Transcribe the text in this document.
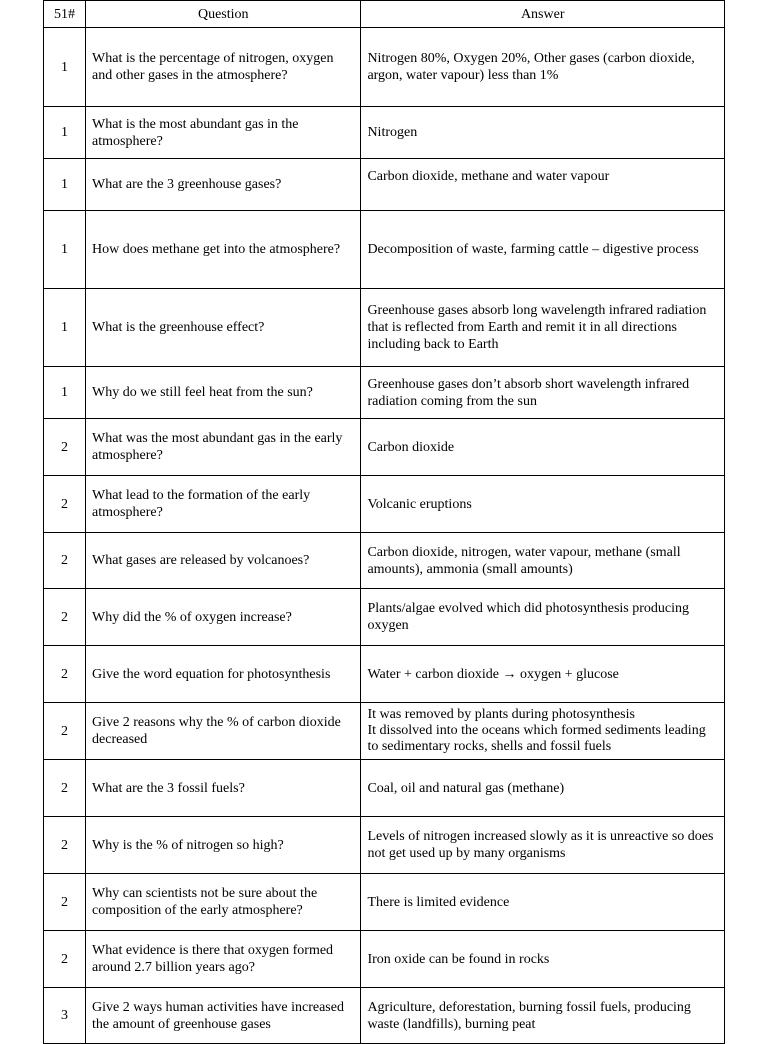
51#	Question	Answer
1	What is the percentage of nitrogen, oxygen and other gases in the atmosphere?	Nitrogen 80%, Oxygen 20%, Other gases (carbon dioxide, argon, water vapour) less than 1%
1	What is the most abundant gas in the atmosphere?	Nitrogen
1	What are the 3 greenhouse gases?	Carbon dioxide, methane and water vapour
1	How does methane get into the atmosphere?	Decomposition of waste, farming cattle – digestive process
1	What is the greenhouse effect?	Greenhouse gases absorb long wavelength infrared radiation that is reflected from Earth and remit it in all directions including back to Earth
1	Why do we still feel heat from the sun?	Greenhouse gases don’t absorb short wavelength infrared radiation coming from the sun
2	What was the most abundant gas in the early atmosphere?	Carbon dioxide
2	What lead to the formation of the early atmosphere?	Volcanic eruptions
2	What gases are released by volcanoes?	Carbon dioxide, nitrogen, water vapour, methane (small amounts), ammonia (small amounts)
2	Why did the % of oxygen increase?	Plants/algae evolved which did photosynthesis producing oxygen
2	Give the word equation for photosynthesis	Water + carbon dioxide → oxygen + glucose
2	Give 2 reasons why the % of carbon dioxide decreased	It was removed by plants during photosynthesis
It dissolved into the oceans which formed sediments leading to sedimentary rocks, shells and fossil fuels
2	What are the 3 fossil fuels?	Coal, oil and natural gas (methane)
2	Why is the % of nitrogen so high?	Levels of nitrogen increased slowly as it is unreactive so does not get used up by many organisms
2	Why can scientists not be sure about the composition of the early atmosphere?	There is limited evidence
2	What evidence is there that oxygen formed around 2.7 billion years ago?	Iron oxide can be found in rocks
3	Give 2 ways human activities have increased the amount of greenhouse gases	Agriculture, deforestation, burning fossil fuels, producing waste (landfills), burning peat
